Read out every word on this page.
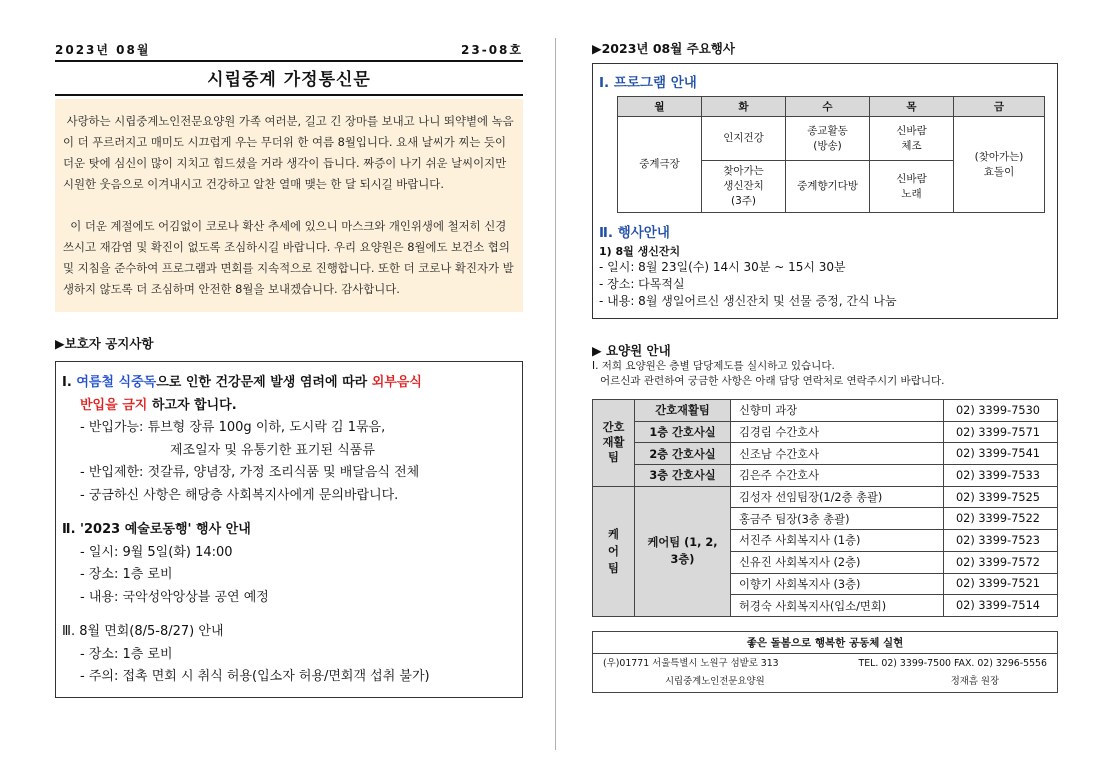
2023년 08월	23-08호
시립중계 가정통신문

사랑하는 시립중계노인전문요양원 가족 여러분, 길고 긴 장마를 보내고 나니 뙤약볕에 녹음이 더 푸르러지고 매미도 시끄럽게 우는 무더위 한 여름 8월입니다. 요새 날씨가 찌는 듯이 더운 탓에 심신이 많이 지치고 힘드셨을 거라 생각이 듭니다. 짜증이 나기 쉬운 날씨이지만 시원한 웃음으로 이겨내시고 건강하고 알찬 열매 맺는 한 달 되시길 바랍니다.

이 더운 계절에도 어김없이 코로나 확산 추세에 있으니 마스크와 개인위생에 철저히 신경 쓰시고 재감염 및 확진이 없도록 조심하시길 바랍니다. 우리 요양원은 8월에도 보건소 협의 및 지침을 준수하여 프로그램과 면회를 지속적으로 진행합니다. 또한 더 코로나 확진자가 발생하지 않도록 더 조심하며 안전한 8월을 보내겠습니다. 감사합니다.

▶보호자 공지사항
Ⅰ. 여름철 식중독으로 인한 건강문제 발생 염려에 따라 외부음식
반입을 금지 하고자 합니다.
- 반입가능: 튜브형 장류 100g 이하, 도시락 김 1묶음,
제조일자 및 유통기한 표기된 식품류
- 반입제한: 젓갈류, 양념장, 가정 조리식품 및 배달음식 전체
- 궁금하신 사항은 해당층 사회복지사에게 문의바랍니다.
Ⅱ. '2023 예술로동행' 행사 안내
- 일시: 9월 5일(화) 14:00
- 장소: 1층 로비
- 내용: 국악성악앙상블 공연 예정
Ⅲ. 8월 면회(8/5-8/27) 안내
- 장소: 1층 로비
- 주의: 접촉 면회 시 취식 허용(입소자 허용/면회객 섭취 불가)
▶2023년 08월 주요행사
Ⅰ. 프로그램 안내
월	화	수	목	금
중계극장	인지건강	종교활동 (방송)	신바람 체조	(찾아가는) 효돌이

	찾아가는 생신잔치 (3주)	중계향기다방	신바람 노래	
Ⅱ. 행사안내
1) 8월 생신잔치
- 일시: 8월 23일(수) 14시 30분 ~ 15시 30분
- 장소: 다목적실
- 내용: 8월 생일어르신 생신잔치 및 선물 증정, 간식 나눔
▶ 요양원 안내
Ⅰ. 저희 요양원은 층별 담당제도를 실시하고 있습니다.
어르신과 관련하여 궁금한 사항은 아래 담당 연락처로 연락주시기 바랍니다.
간호 재활 팀	간호재활팀	신향미 과장	02) 3399-7530
	1층 간호사실	김경림 수간호사	02) 3399-7571
	2층 간호사실	신조남 수간호사	02) 3399-7541
	3층 간호사실	김은주 수간호사	02) 3399-7533

케 어 팀	케어팀 (1, 2, 3층)	김성자 선임팀장(1/2층 총괄)	02) 3399-7525
		홍금주 팀장(3층 총괄)	02) 3399-7522
		서진주 사회복지사 (1층)	02) 3399-7523
		신유진 사회복지사 (2층)	02) 3399-7572
		이향기 사회복지사 (3층)	02) 3399-7521
		허경숙 사회복지사(입소/면회)	02) 3399-7514
좋은 돌봄으로 행복한 공동체 실현
(우)01771 서울특별시 노원구 섬밭로 313	TEL. 02) 3399-7500 FAX. 02) 3296-5556
시립중계노인전문요양원	정재흠 원장
